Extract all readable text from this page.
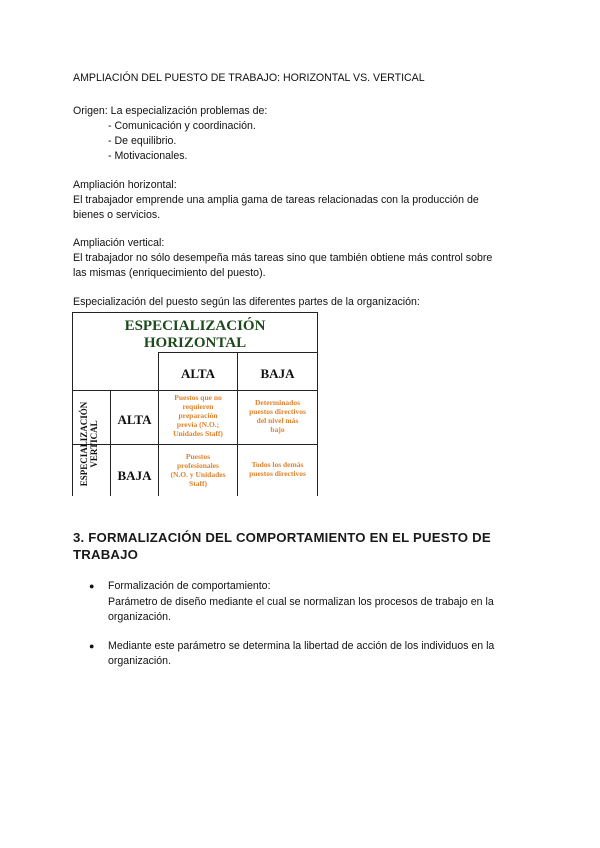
AMPLIACIÓN DEL PUESTO DE TRABAJO: HORIZONTAL VS. VERTICAL
Origen: La especialización problemas de:
- Comunicación y coordinación.
- De equilibrio.
- Motivacionales.
Ampliación horizontal:
El trabajador emprende una amplia gama de tareas relacionadas con la producción de
bienes o servicios.
Ampliación vertical:
El trabajador no sólo desempeña más tareas sino que también obtiene más control sobre
las mismas (enriquecimiento del puesto).
Especialización del puesto según las diferentes partes de la organización:
ESPECIALIZACIÓN
HORIZONTAL
ALTA	BAJA
ALTA
BAJA
ESPECIALIZACIÓN VERTICAL
Puestos que no
requieren
preparación
previa (N.O.;
Unidades Staff)
Determinados
puestos directivos
del nivel más
bajo
Puestos
profesionales
(N.O. y Unidades
Staff)
Todos los demás
puestos directivos
3. FORMALIZACIÓN DEL COMPORTAMIENTO EN EL PUESTO DE
TRABAJO
● Formalización de comportamiento:
Parámetro de diseño mediante el cual se normalizan los procesos de trabajo en la
organización.
● Mediante este parámetro se determina la libertad de acción de los individuos en la
organización.
